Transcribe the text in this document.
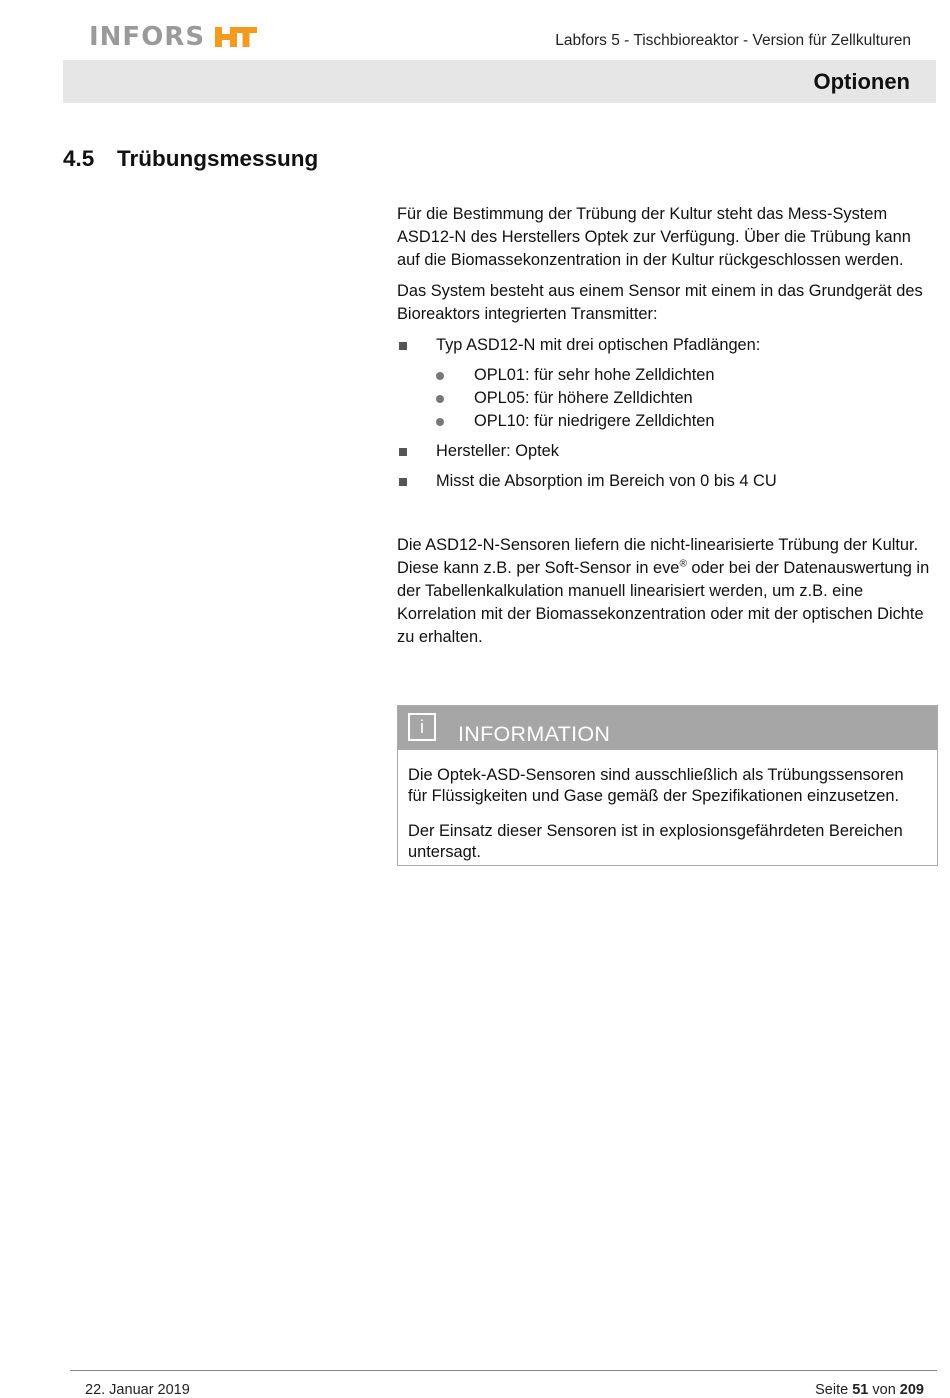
INFORS	Labfors 5 - Tischbioreaktor - Version für Zellkulturen
Optionen
4.5 Trübungsmessung

Für die Bestimmung der Trübung der Kultur steht das Mess-System ASD12-N des Herstellers Optek zur Verfügung. Über die Trübung kann auf die Biomassekonzentration in der Kultur rückgeschlossen werden.

Das System besteht aus einem Sensor mit einem in das Grundgerät des Bioreaktors integrierten Transmitter:

Typ ASD12-N mit drei optischen Pfadlängen:
OPL01: für sehr hohe Zelldichten
OPL05: für höhere Zelldichten
OPL10: für niedrigere Zelldichten
Hersteller: Optek
Misst die Absorption im Bereich von 0 bis 4 CU

Die ASD12-N-Sensoren liefern die nicht-linearisierte Trübung der Kultur. Diese kann z.B. per Soft-Sensor in eve® oder bei der Datenauswertung in der Tabellenkalkulation manuell linearisiert werden, um z.B. eine Korrelation mit der Biomassekonzentration oder mit der optischen Dichte zu erhalten.

i	INFORMATION

Die Optek-ASD-Sensoren sind ausschließlich als Trübungssensoren für Flüssigkeiten und Gase gemäß der Spezifikationen einzusetzen.

Der Einsatz dieser Sensoren ist in explosionsgefährdeten Bereichen untersagt.

22. Januar 2019	Seite 51 von 209
